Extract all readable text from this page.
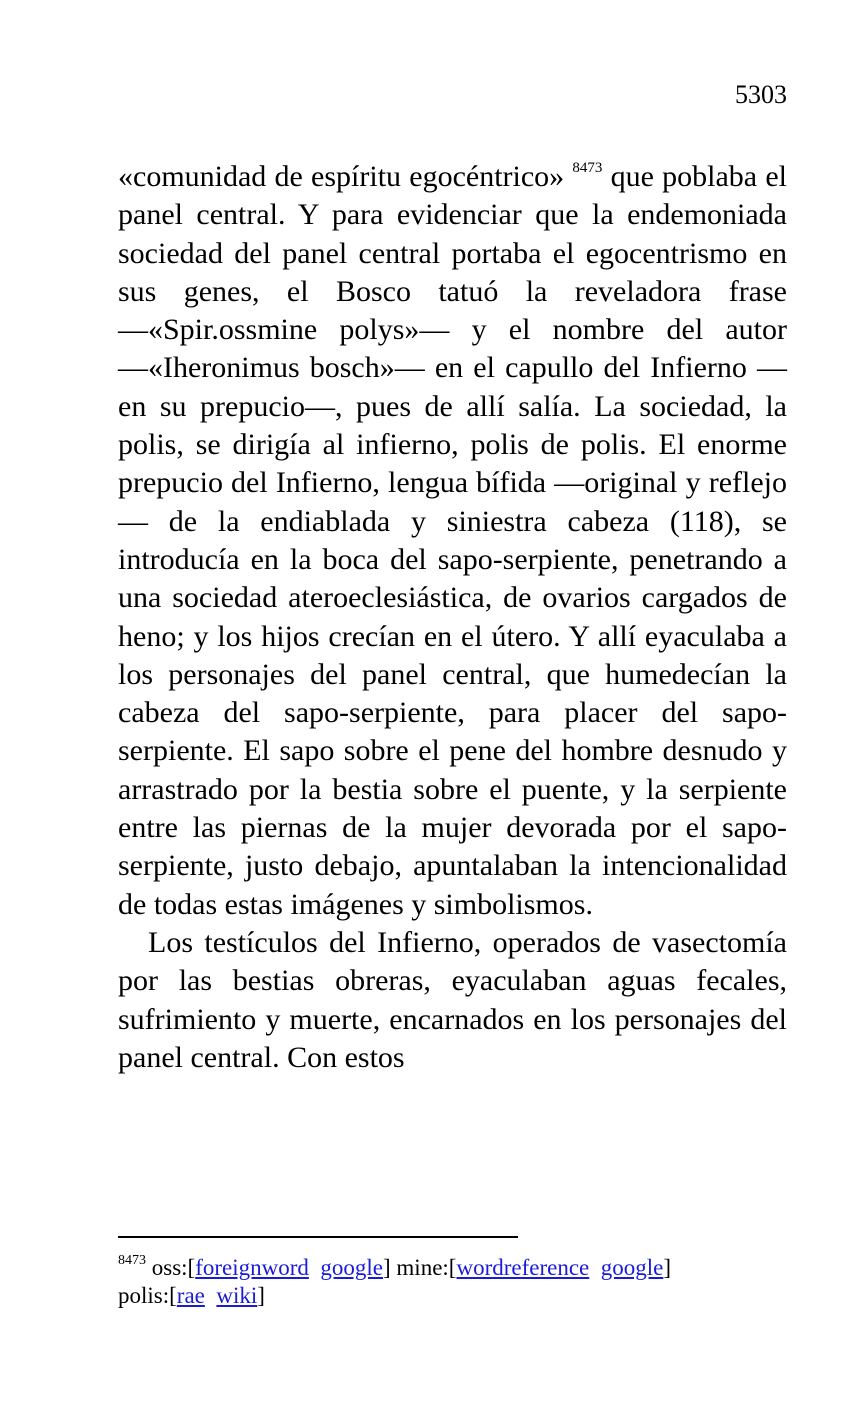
5303

«comunidad de espíritu egocéntrico» $^{8473}$ que poblaba el panel central. Y para evidenciar que la endemoniada sociedad del panel central portaba el egocentrismo en sus genes, el Bosco tatuó la reveladora frase —«Spir.ossmine polys»— y el nombre del autor —«Iheronimus bosch»— en el capullo del Infierno —en su prepucio—, pues de allí salía. La sociedad, la polis, se dirigía al infierno, polis de polis. El enorme prepucio del Infierno, lengua bífida —original y reflejo— de la endiablada y siniestra cabeza (118), se introducía en la boca del sapo-serpiente, penetrando a una sociedad ateroeclesiástica, de ovarios cargados de heno; y los hijos crecían en el útero. Y allí eyaculaba a los personajes del panel central, que humedecían la cabeza del sapo-serpiente, para placer del sapo-serpiente. El sapo sobre el pene del hombre desnudo y arrastrado por la bestia sobre el puente, y la serpiente entre las piernas de la mujer devorada por el sapo-serpiente, justo debajo, apuntalaban la intencionalidad de todas estas imágenes y simbolismos.

Los testículos del Infierno, operados de vasectomía por las bestias obreras, eyaculaban aguas fecales, sufrimiento y muerte, encarnados en los personajes del panel central. Con estos

$^{8473}$ oss:[foreignword google] mine:[wordreference google]
polis:[rae wiki]
